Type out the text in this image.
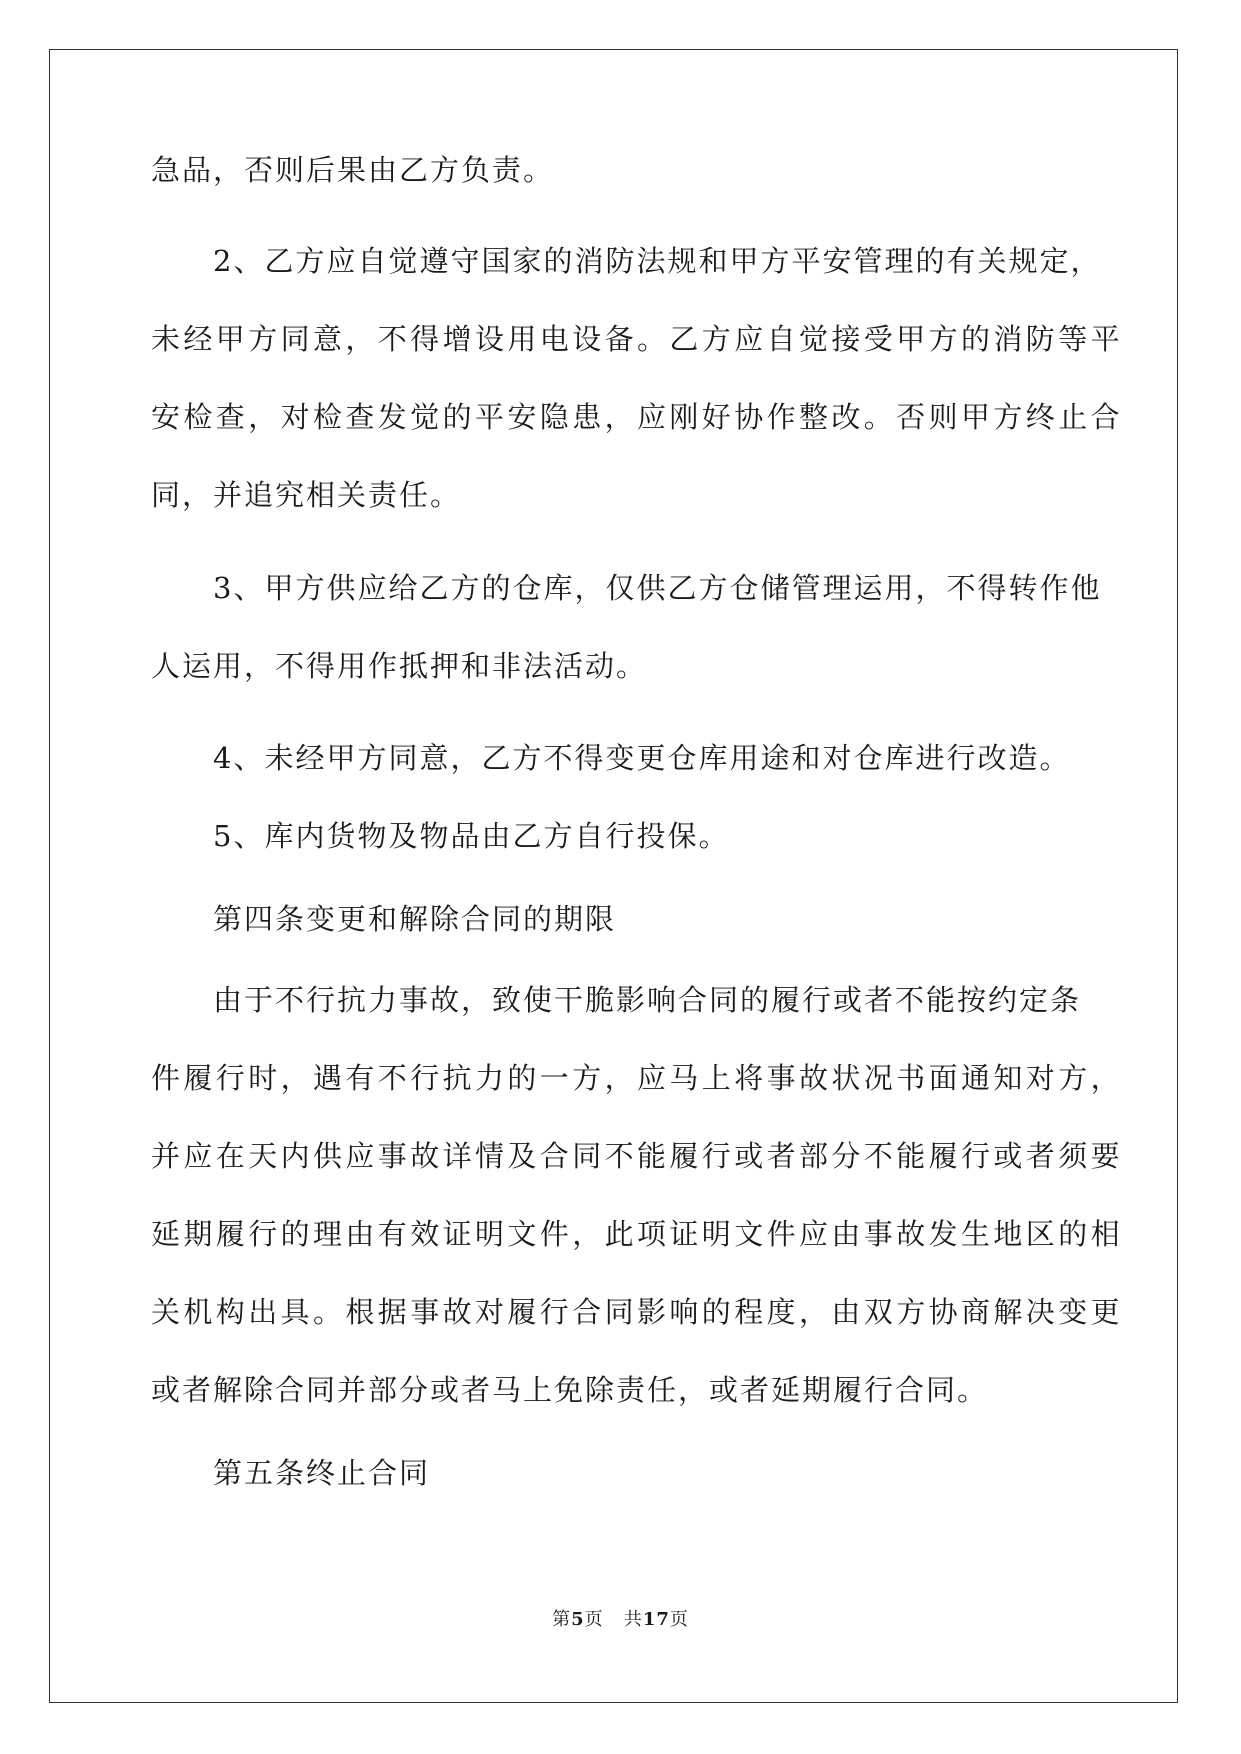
急品，否则后果由乙方负责。
2、乙方应自觉遵守国家的消防法规和甲方平安管理的有关规定，
未经甲方同意，不得增设用电设备。乙方应自觉接受甲方的消防等平
安检查，对检查发觉的平安隐患，应刚好协作整改。否则甲方终止合
同，并追究相关责任。
3、甲方供应给乙方的仓库，仅供乙方仓储管理运用，不得转作他
人运用，不得用作抵押和非法活动。
4、未经甲方同意，乙方不得变更仓库用途和对仓库进行改造。
5、库内货物及物品由乙方自行投保。
第四条变更和解除合同的期限
由于不行抗力事故，致使干脆影响合同的履行或者不能按约定条
件履行时，遇有不行抗力的一方，应马上将事故状况书面通知对方，
并应在天内供应事故详情及合同不能履行或者部分不能履行或者须要
延期履行的理由有效证明文件，此项证明文件应由事故发生地区的相
关机构出具。根据事故对履行合同影响的程度，由双方协商解决变更
或者解除合同并部分或者马上免除责任，或者延期履行合同。
第五条终止合同
第5页 共17页
